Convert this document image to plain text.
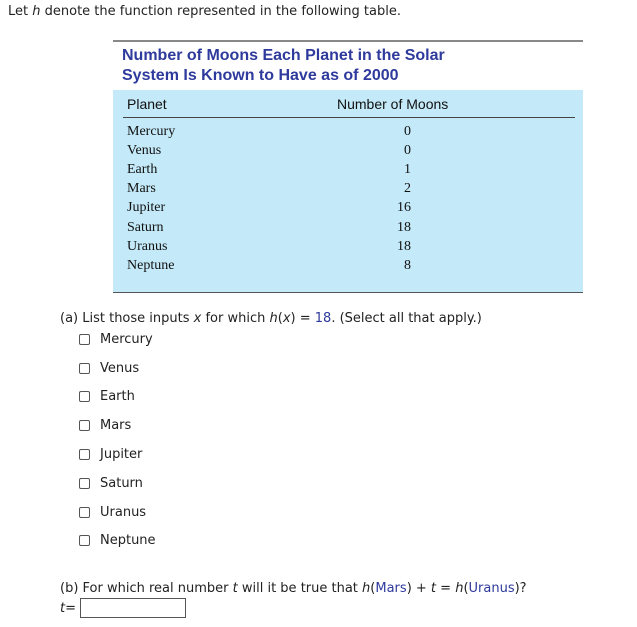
Let h denote the function represented in the following table.
Number of Moons Each Planet in the Solar
System Is Known to Have as of 2000
Planet	Number of Moons
Mercury	0
Venus	0
Earth	1
Mars	2
Jupiter	16
Saturn	18
Uranus	18
Neptune	8
(a) List those inputs x for which h(x) = 18. (Select all that apply.)
Mercury
Venus
Earth
Mars
Jupiter
Saturn
Uranus
Neptune
(b) For which real number t will it be true that h(Mars) + t = h(Uranus)?
t =
